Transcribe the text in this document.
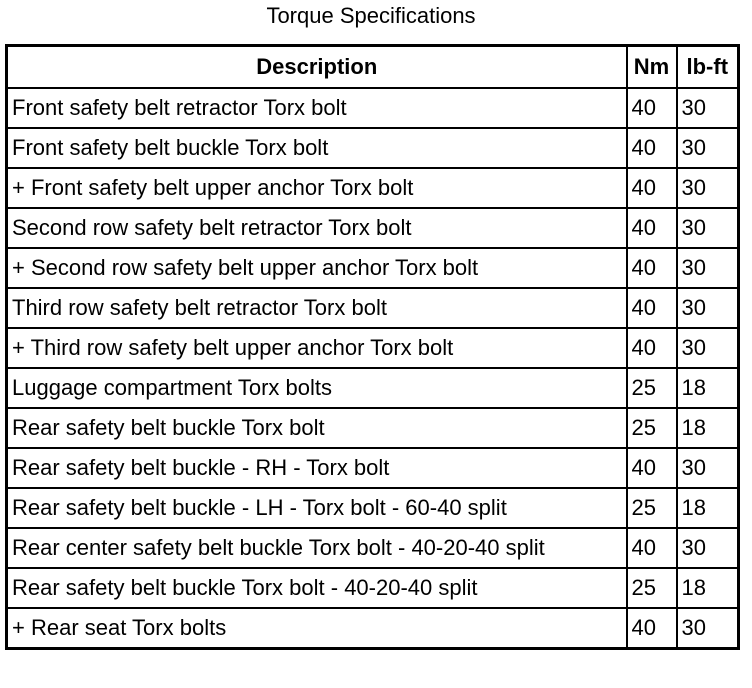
Torque Specifications
Description	Nm	lb-ft
Front safety belt retractor Torx bolt	40	30
Front safety belt buckle Torx bolt	40	30
+ Front safety belt upper anchor Torx bolt	40	30
Second row safety belt retractor Torx bolt	40	30
+ Second row safety belt upper anchor Torx bolt	40	30
Third row safety belt retractor Torx bolt	40	30
+ Third row safety belt upper anchor Torx bolt	40	30
Luggage compartment Torx bolts	25	18
Rear safety belt buckle Torx bolt	25	18
Rear safety belt buckle - RH - Torx bolt	40	30
Rear safety belt buckle - LH - Torx bolt - 60-40 split	25	18
Rear center safety belt buckle Torx bolt - 40-20-40 split	40	30
Rear safety belt buckle Torx bolt - 40-20-40 split	25	18
+ Rear seat Torx bolts	40	30
